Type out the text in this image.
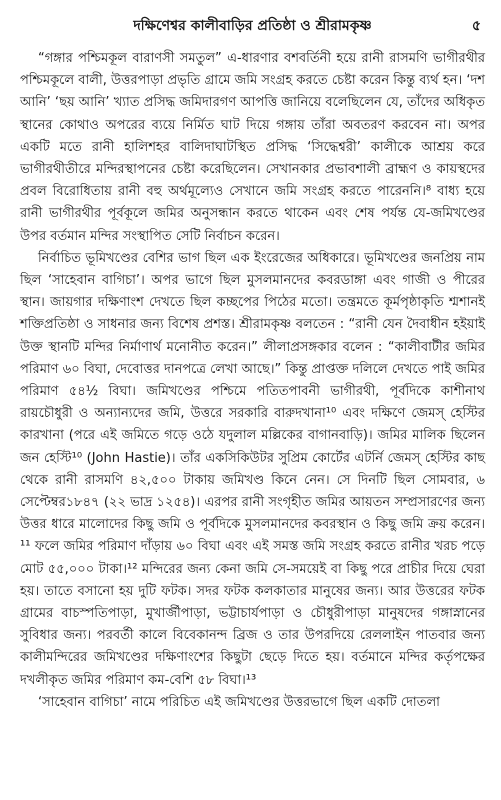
দক্ষিণেশ্বর কালীবাড়ির প্রতিষ্ঠা ও শ্রীরামকৃষ্ণ	৫

“গঙ্গার পশ্চিমকূল বারাণসী সমতুল” এ-ধারণার বশবর্তিনী হয়ে রানী রাসমণি ভাগীরথীর পশ্চিমকূলে বালী, উত্তরপাড়া প্রভৃতি গ্রামে জমি সংগ্রহ করতে চেষ্টা করেন কিন্তু ব্যর্থ হন। ‘দশ আনি’ ‘ছয় আনি’ খ্যাত প্রসিদ্ধ জমিদারগণ আপত্তি জানিয়ে বলেছিলেন যে, তাঁদের অধিকৃত স্থানের কোথাও অপরের ব্যয়ে নির্মিত ঘাট দিয়ে গঙ্গায় তাঁরা অবতরণ করবেন না। অপর একটি মতে রানী হালিশহর বালিদাঘাটস্থিত প্রসিদ্ধ ‘সিদ্ধেশ্বরী’ কালীকে আশ্রয় করে ভাগীরথীতীরে মন্দিরস্থাপনের চেষ্টা করেছিলেন। সেখানকার প্রভাবশালী ব্রাহ্মণ ও কায়স্থদের প্রবল বিরোধিতায় রানী বহু অর্থমূল্যেও সেখানে জমি সংগ্রহ করতে পারেননি।⁸ বাধ্য হয়ে রানী ভাগীরথীর পূর্বকূলে জমির অনুসন্ধান করতে থাকেন এবং শেষ পর্যন্ত যে-জমিখণ্ডের উপর বর্তমান মন্দির সংস্থাপিত সেটি নির্বাচন করেন।

নির্বাচিত ভূমিখণ্ডের বেশির ভাগ ছিল এক ইংরেজের অধিকারে। ভূমিখণ্ডের জনপ্রিয় নাম ছিল ‘সাহেবান বাগিচা’। অপর ভাগে ছিল মুসলমানদের কবরডাঙ্গা এবং গাজী ও পীরের স্থান। জায়গার দক্ষিণাংশ দেখতে ছিল কচ্ছপের পিঠের মতো। তন্ত্রমতে কূর্মপৃষ্ঠাকৃতি শ্মশানই শক্তিপ্রতিষ্ঠা ও সাধনার জন্য বিশেষ প্রশস্ত। শ্রীরামকৃষ্ণ বলতেন : “রানী যেন দৈবাধীন হইয়াই উক্ত স্থানটি মন্দির নির্মাণার্থ মনোনীত করেন।” লীলাপ্রসঙ্গকার বলেন : “কালীবাটীর জমির পরিমাণ ৬০ বিঘা, দেবোত্তর দানপত্রে লেখা আছে।” কিন্তু প্রাপ্তক্ত দলিলে দেখতে পাই জমির পরিমাণ ৫৪½ বিঘা। জমিখণ্ডের পশ্চিমে পতিতপাবনী ভাগীরথী, পূর্বদিকে কাশীনাথ রায়চৌধুরী ও অন্যান্যদের জমি, উত্তরে সরকারি বারুদখানা¹⁰ এবং দক্ষিণে জেমস্ হেস্টির কারখানা (পরে এই জমিতে গড়ে ওঠে যদুলাল মল্লিকের বাগানবাড়ি)। জমির মালিক ছিলেন জন হেস্টি¹⁰ (John Hastie)। তাঁর একসিকিউটর সুপ্রিম কোর্টের এটর্নি জেমস্ হেস্টির কাছ থেকে রানী রাসমণি ৪২,৫০০ টাকায় জমিখণ্ড কিনে নেন। সে দিনটি ছিল সোমবার, ৬ সেপ্টেম্বর১৮৪৭ (২২ ভাদ্র ১২৫৪)। এরপর রানী সংগৃহীত জমির আয়তন সম্প্রসারণের জন্য উত্তর ধারে মালোদের কিছু জমি ও পূর্বদিকে মুসলমানদের কবরস্থান ও কিছু জমি ক্রয় করেন।¹¹ ফলে জমির পরিমাণ দাঁড়ায় ৬০ বিঘা এবং এই সমস্ত জমি সংগ্রহ করতে রানীর খরচ পড়ে মোট ৫৫,০০০ টাকা।¹² মন্দিরের জন্য কেনা জমি সে-সময়েই বা কিছু পরে প্রাচীর দিয়ে ঘেরা হয়। তাতে বসানো হয় দুটি ফটক। সদর ফটক কলকাতার মানুষের জন্য। আর উত্তরের ফটক গ্রামের বাচস্পতিপাড়া, মুখার্জীপাড়া, ভট্টাচার্যপাড়া ও চৌধুরীপাড়া মানুষদের গঙ্গাস্নানের সুবিধার জন্য। পরবর্তী কালে বিবেকানন্দ ব্রিজ ও তার উপরদিয়ে রেললাইন পাতবার জন্য কালীমন্দিরের জমিখণ্ডের দক্ষিণাংশের কিছুটা ছেড়ে দিতে হয়। বর্তমানে মন্দির কর্তৃপক্ষের দখলীকৃত জমির পরিমাণ কম-বেশি ৫৮ বিঘা।¹³

‘সাহেবান বাগিচা’ নামে পরিচিত এই জমিখণ্ডের উত্তরভাগে ছিল একটি দোতলা
